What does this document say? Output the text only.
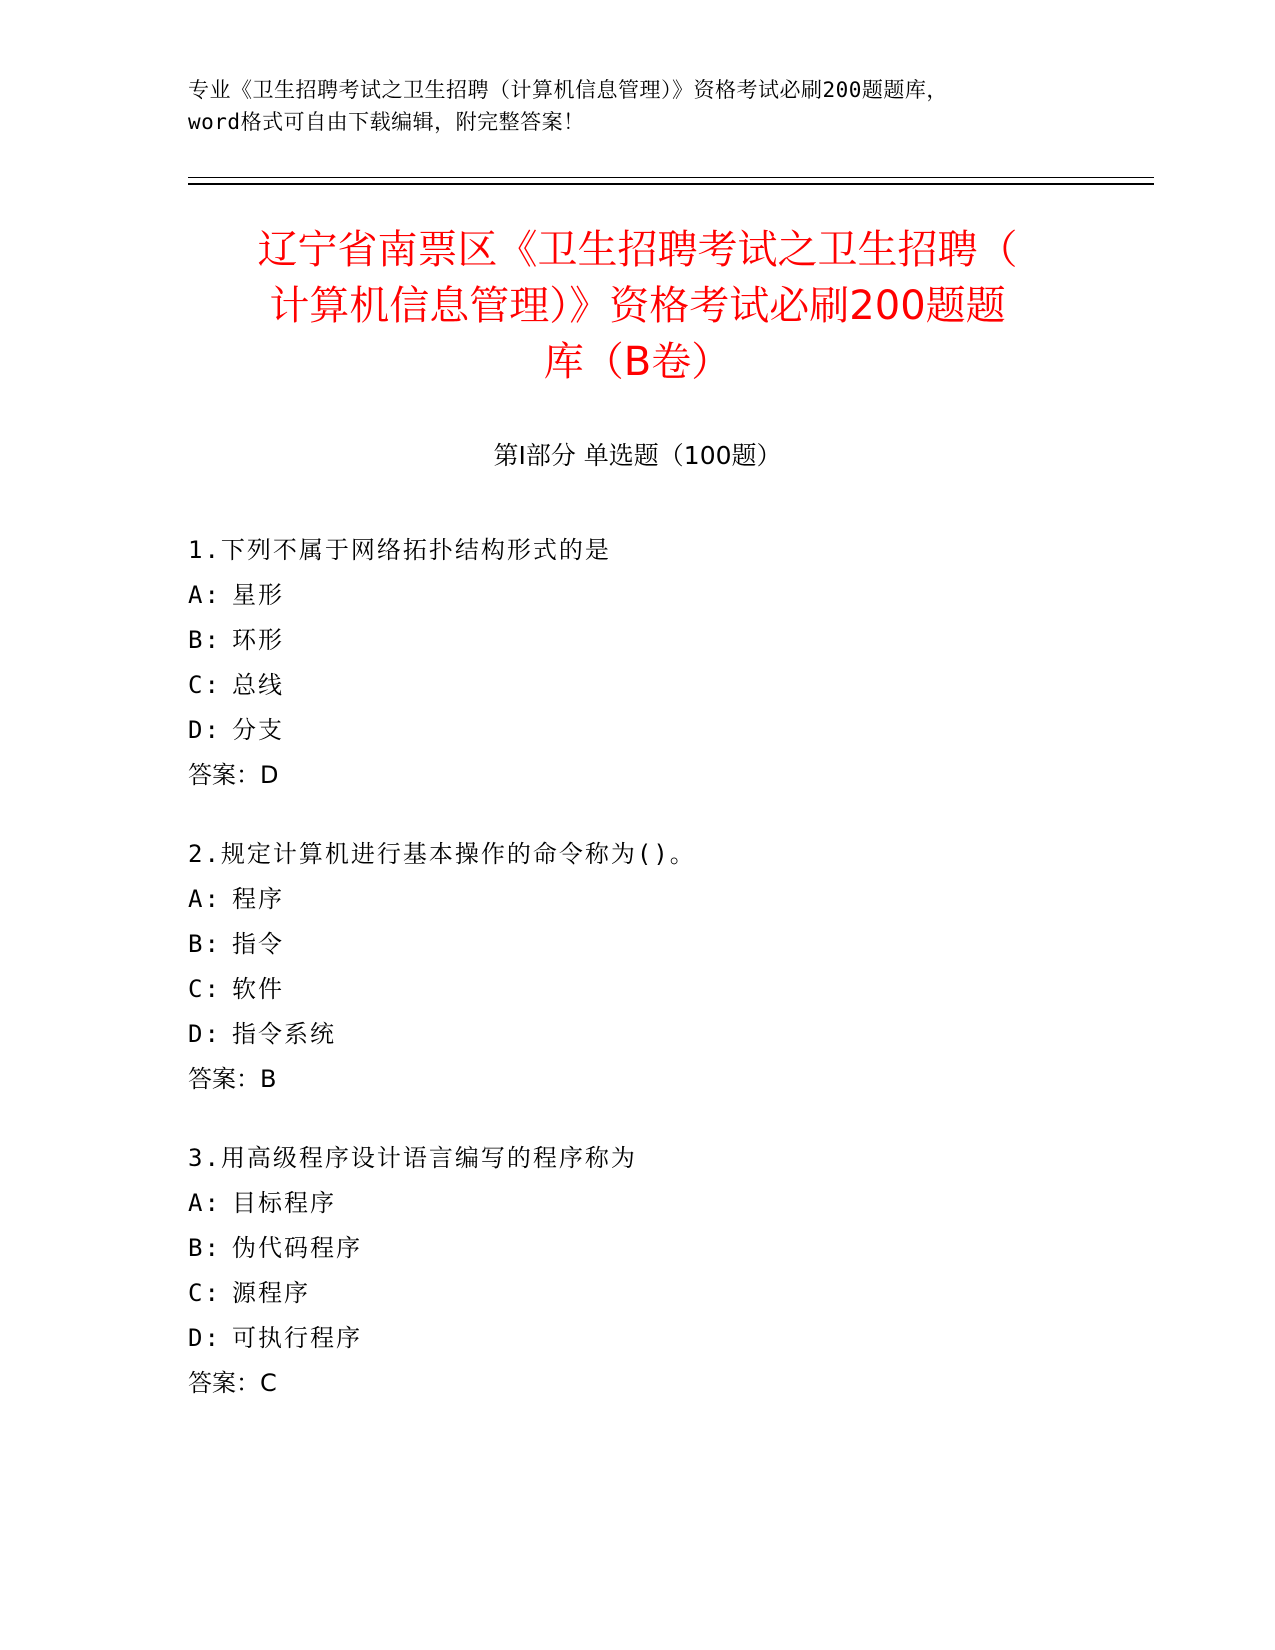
专业《卫生招聘考试之卫生招聘（计算机信息管理）》资格考试必刷200题题库，
word格式可自由下载编辑，附完整答案！
辽宁省南票区《卫生招聘考试之卫生招聘（
计算机信息管理）》资格考试必刷200题题
库（B卷）
第Ⅰ部分 单选题（100题）
1.下列不属于网络拓扑结构形式的是
A: 星形
B: 环形
C: 总线
D: 分支
答案：D
2.规定计算机进行基本操作的命令称为()。
A: 程序
B: 指令
C: 软件
D: 指令系统
答案：B
3.用高级程序设计语言编写的程序称为
A: 目标程序
B: 伪代码程序
C: 源程序
D: 可执行程序
答案：C
